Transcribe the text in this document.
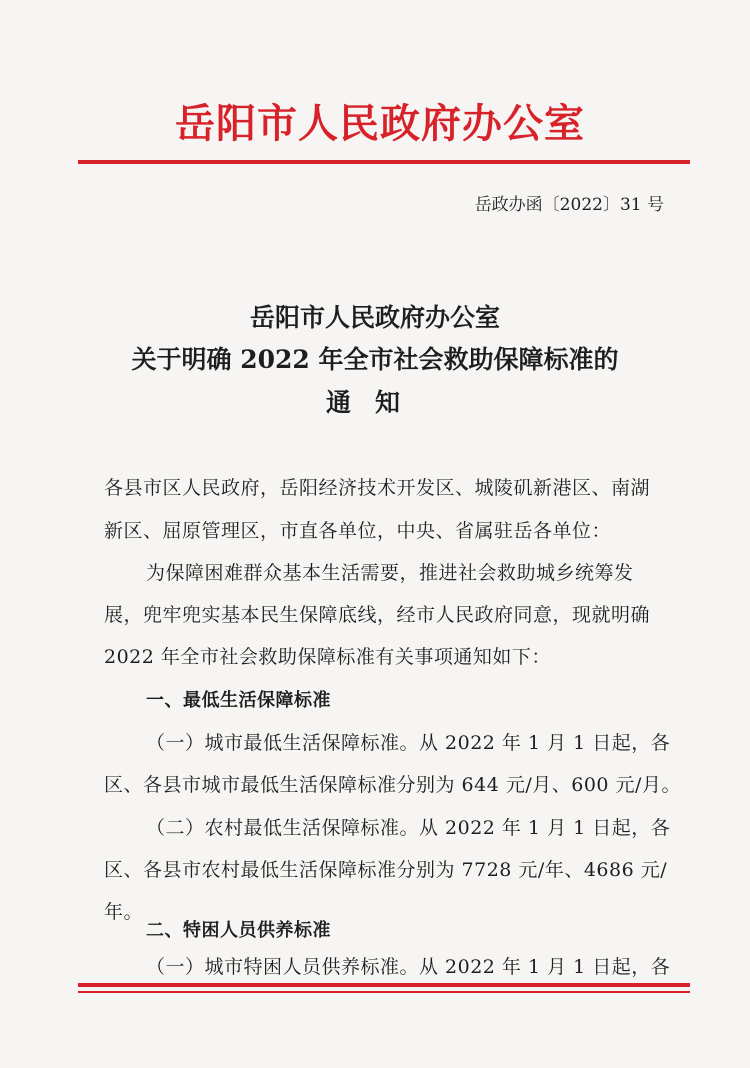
岳阳市人民政府办公室
岳政办函〔2022〕31 号
岳阳市人民政府办公室
关于明确 2022 年全市社会救助保障标准的
通知
各县市区人民政府，岳阳经济技术开发区、城陵矶新港区、南湖
新区、屈原管理区，市直各单位，中央、省属驻岳各单位：
为保障困难群众基本生活需要，推进社会救助城乡统筹发
展，兜牢兜实基本民生保障底线，经市人民政府同意，现就明确
2022 年全市社会救助保障标准有关事项通知如下：
一、最低生活保障标准
（一）城市最低生活保障标准。从 2022 年 1 月 1 日起，各
区、各县市城市最低生活保障标准分别为 644 元/月、600 元/月。
（二）农村最低生活保障标准。从 2022 年 1 月 1 日起，各
区、各县市农村最低生活保障标准分别为 7728 元/年、4686 元/
年。
二、特困人员供养标准
（一）城市特困人员供养标准。从 2022 年 1 月 1 日起，各
